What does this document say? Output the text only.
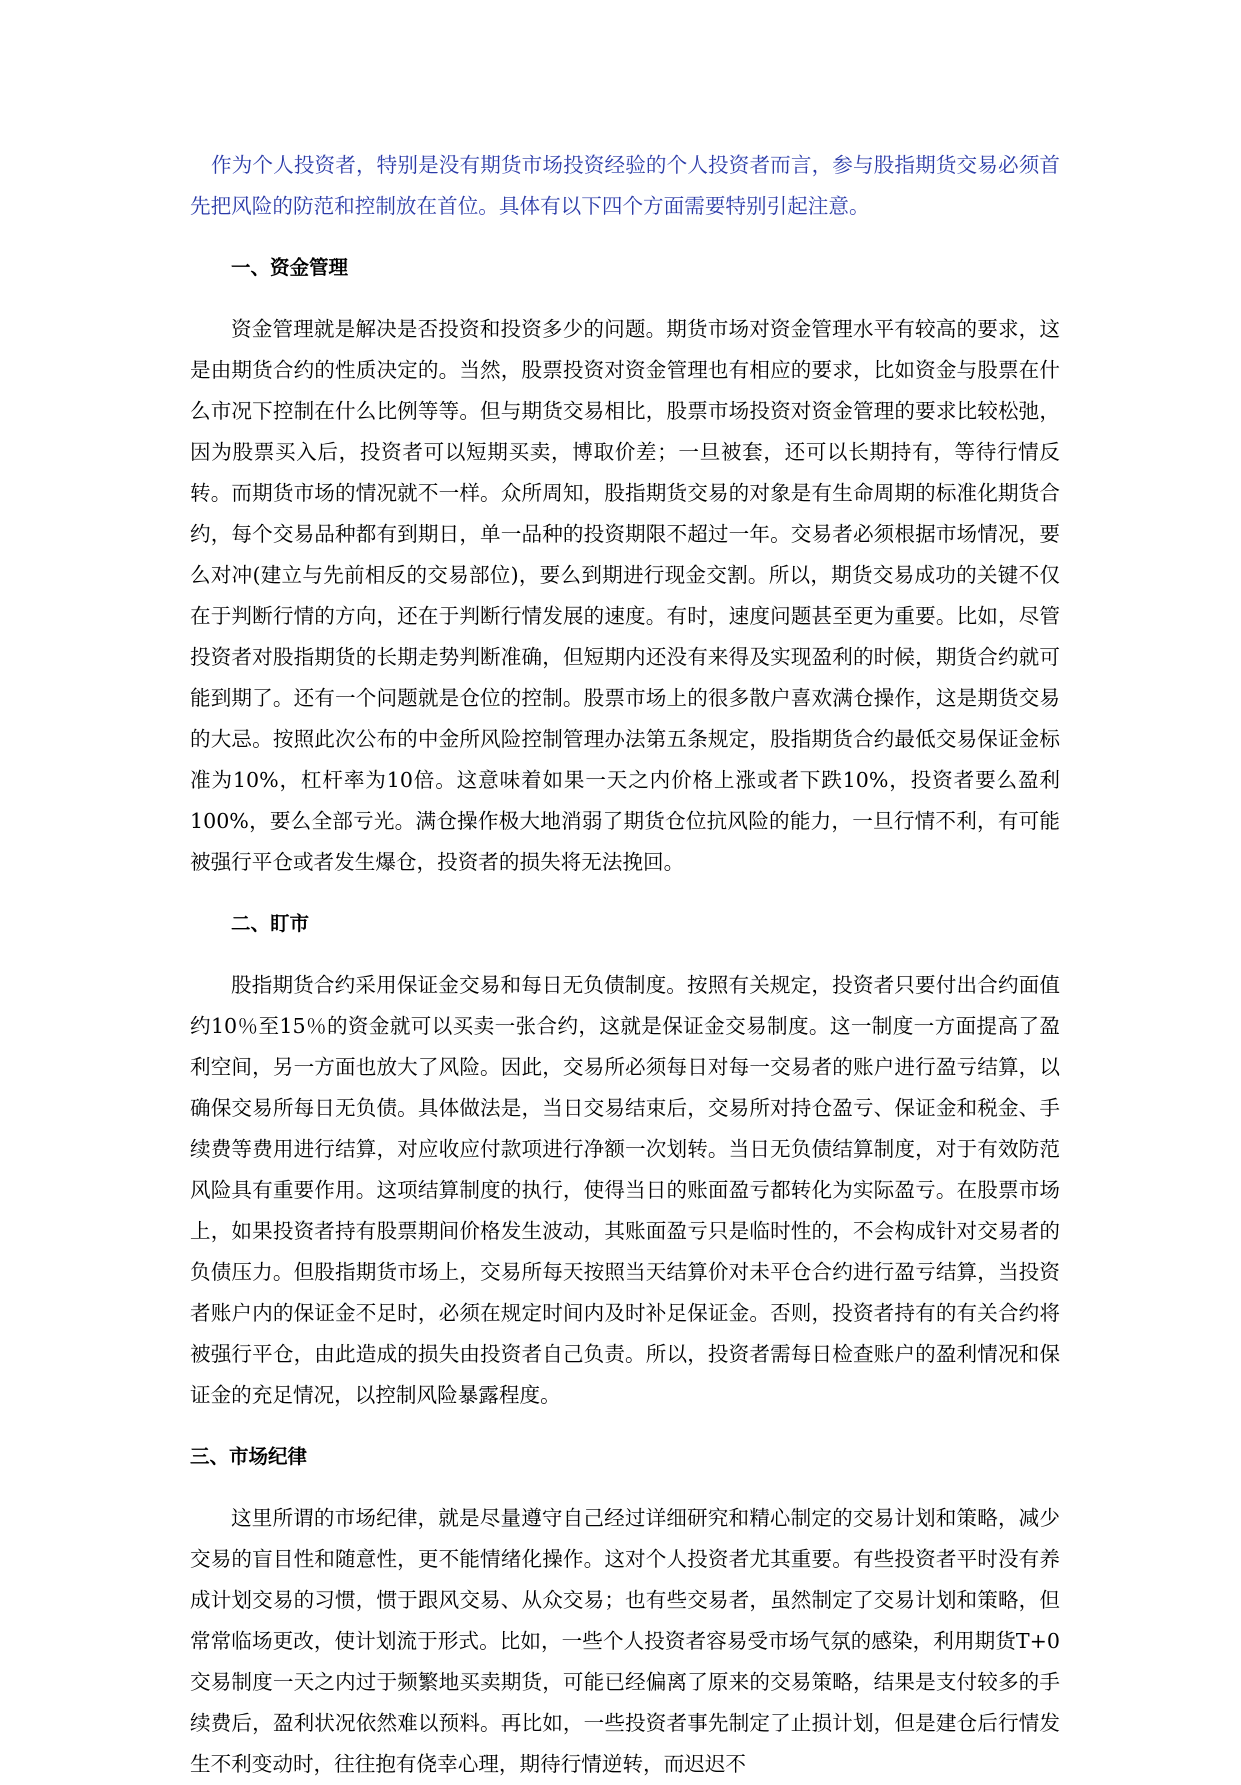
作为个人投资者，特别是没有期货市场投资经验的个人投资者而言，参与股指期货交易必须首先把风险的防范和控制放在首位。具体有以下四个方面需要特别引起注意。

一、资金管理

资金管理就是解决是否投资和投资多少的问题。期货市场对资金管理水平有较高的要求，这是由期货合约的性质决定的。当然，股票投资对资金管理也有相应的要求，比如资金与股票在什么市况下控制在什么比例等等。但与期货交易相比，股票市场投资对资金管理的要求比较松弛，因为股票买入后，投资者可以短期买卖，博取价差；一旦被套，还可以长期持有，等待行情反转。而期货市场的情况就不一样。众所周知，股指期货交易的对象是有生命周期的标准化期货合约，每个交易品种都有到期日，单一品种的投资期限不超过一年。交易者必须根据市场情况，要么对冲(建立与先前相反的交易部位)，要么到期进行现金交割。所以，期货交易成功的关键不仅在于判断行情的方向，还在于判断行情发展的速度。有时，速度问题甚至更为重要。比如，尽管投资者对股指期货的长期走势判断准确，但短期内还没有来得及实现盈利的时候，期货合约就可能到期了。还有一个问题就是仓位的控制。股票市场上的很多散户喜欢满仓操作，这是期货交易的大忌。按照此次公布的中金所风险控制管理办法第五条规定，股指期货合约最低交易保证金标准为10%，杠杆率为10倍。这意味着如果一天之内价格上涨或者下跌10%，投资者要么盈利100%，要么全部亏光。满仓操作极大地消弱了期货仓位抗风险的能力，一旦行情不利，有可能被强行平仓或者发生爆仓，投资者的损失将无法挽回。

二、盯市

股指期货合约采用保证金交易和每日无负债制度。按照有关规定，投资者只要付出合约面值约10％至15％的资金就可以买卖一张合约，这就是保证金交易制度。这一制度一方面提高了盈利空间，另一方面也放大了风险。因此，交易所必须每日对每一交易者的账户进行盈亏结算，以确保交易所每日无负债。具体做法是，当日交易结束后，交易所对持仓盈亏、保证金和税金、手续费等费用进行结算，对应收应付款项进行净额一次划转。当日无负债结算制度，对于有效防范风险具有重要作用。这项结算制度的执行，使得当日的账面盈亏都转化为实际盈亏。在股票市场上，如果投资者持有股票期间价格发生波动，其账面盈亏只是临时性的，不会构成针对交易者的负债压力。但股指期货市场上，交易所每天按照当天结算价对未平仓合约进行盈亏结算，当投资者账户内的保证金不足时，必须在规定时间内及时补足保证金。否则，投资者持有的有关合约将被强行平仓，由此造成的损失由投资者自己负责。所以，投资者需每日检查账户的盈利情况和保证金的充足情况，以控制风险暴露程度。

三、市场纪律

这里所谓的市场纪律，就是尽量遵守自己经过详细研究和精心制定的交易计划和策略，减少交易的盲目性和随意性，更不能情绪化操作。这对个人投资者尤其重要。有些投资者平时没有养成计划交易的习惯，惯于跟风交易、从众交易；也有些交易者，虽然制定了交易计划和策略，但常常临场更改，使计划流于形式。比如，一些个人投资者容易受市场气氛的感染，利用期货T+0交易制度一天之内过于频繁地买卖期货，可能已经偏离了原来的交易策略，结果是支付较多的手续费后，盈利状况依然难以预料。再比如，一些投资者事先制定了止损计划，但是建仓后行情发生不利变动时，往往抱有侥幸心理，期待行情逆转，而迟迟不
